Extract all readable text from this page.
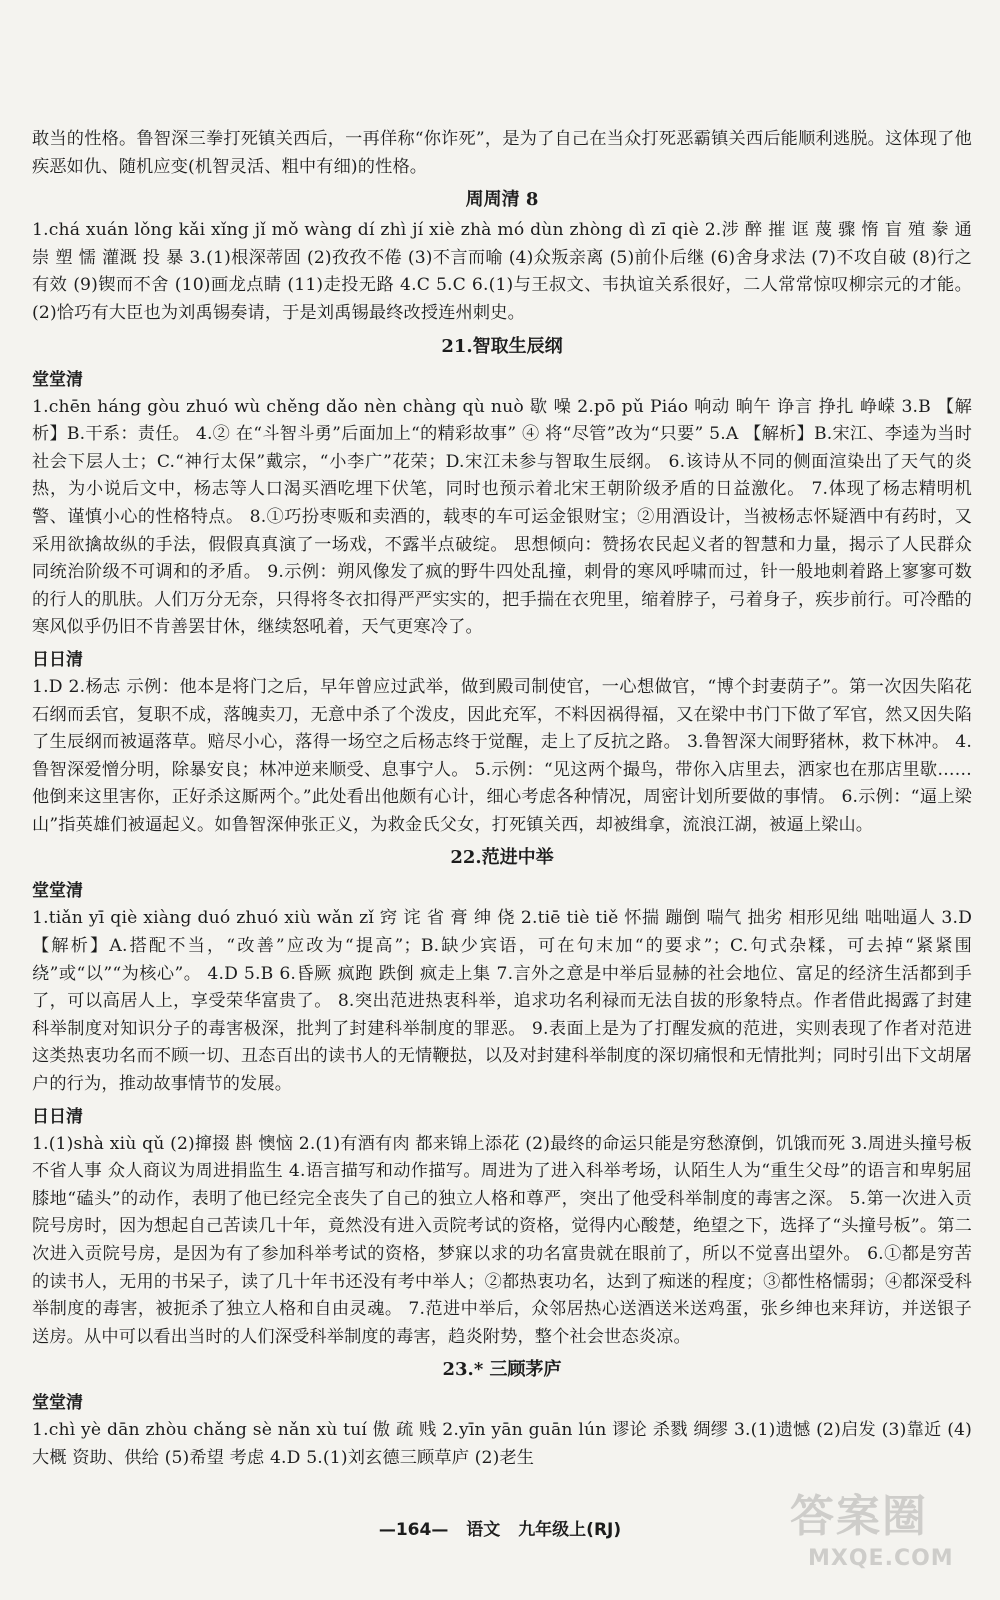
敢当的性格。鲁智深三拳打死镇关西后，一再佯称“你诈死”，是为了自己在当众打死恶霸镇关西后能顺利逃脱。这体现了他疾恶如仇、随机应变(机智灵活、粗中有细)的性格。

周周清 8

1.chá xuán lǒng kǎi xǐng jǐ mǒ wàng dí zhì jí xiè zhà mó dùn zhòng dì zī qiè 2.涉 醉 摧 诓 蔑 骤 惰 盲 殖 豢 通 崇 塑 懦 灌溉 投 暴 3.(1)根深蒂固 (2)孜孜不倦 (3)不言而喻 (4)众叛亲离 (5)前仆后继 (6)舍身求法 (7)不攻自破 (8)行之有效 (9)锲而不舍 (10)画龙点睛 (11)走投无路 4.C 5.C 6.(1)与王叔文、韦执谊关系很好，二人常常惊叹柳宗元的才能。 (2)恰巧有大臣也为刘禹锡奏请，于是刘禹锡最终改授连州刺史。

21.智取生辰纲
堂堂清

1.chēn háng gòu zhuó wù chěng dǎo nèn chàng qù nuò 歇 噪 2.pō pǔ Piáo 响动 晌午 诤言 挣扎 峥嵘 3.B 【解析】B.干系：责任。 4.② 在“斗智斗勇”后面加上“的精彩故事” ④ 将“尽管”改为“只要” 5.A 【解析】B.宋江、李逵为当时社会下层人士；C.“神行太保”戴宗，“小李广”花荣；D.宋江未参与智取生辰纲。 6.该诗从不同的侧面渲染出了天气的炎热，为小说后文中，杨志等人口渴买酒吃埋下伏笔，同时也预示着北宋王朝阶级矛盾的日益激化。 7.体现了杨志精明机警、谨慎小心的性格特点。 8.①巧扮枣贩和卖酒的，载枣的车可运金银财宝；②用酒设计，当被杨志怀疑酒中有药时，又采用欲擒故纵的手法，假假真真演了一场戏，不露半点破绽。 思想倾向：赞扬农民起义者的智慧和力量，揭示了人民群众同统治阶级不可调和的矛盾。 9.示例：朔风像发了疯的野牛四处乱撞，刺骨的寒风呼啸而过，针一般地刺着路上寥寥可数的行人的肌肤。人们万分无奈，只得将冬衣扣得严严实实的，把手揣在衣兜里，缩着脖子，弓着身子，疾步前行。可冷酷的寒风似乎仍旧不肯善罢甘休，继续怒吼着，天气更寒冷了。

日日清

1.D 2.杨志 示例：他本是将门之后，早年曾应过武举，做到殿司制使官，一心想做官，“博个封妻荫子”。第一次因失陷花石纲而丢官，复职不成，落魄卖刀，无意中杀了个泼皮，因此充军，不料因祸得福，又在梁中书门下做了军官，然又因失陷了生辰纲而被逼落草。赔尽小心，落得一场空之后杨志终于觉醒，走上了反抗之路。 3.鲁智深大闹野猪林，救下林冲。 4.鲁智深爱憎分明，除暴安良；林冲逆来顺受、息事宁人。 5.示例：“见这两个撮鸟，带你入店里去，洒家也在那店里歇……他倒来这里害你，正好杀这厮两个。”此处看出他颇有心计，细心考虑各种情况，周密计划所要做的事情。 6.示例：“逼上梁山”指英雄们被逼起义。如鲁智深伸张正义，为救金氏父女，打死镇关西，却被缉拿，流浪江湖，被逼上梁山。

22.范进中举
堂堂清

1.tiǎn yī qiè xiàng duó zhuó xiù wǎn zǐ 窍 诧 省 膏 绅 侥 2.tiē tiè tiě 怀揣 蹦倒 喘气 拙劣 相形见绌 咄咄逼人 3.D 【解析】A.搭配不当，“改善”应改为“提高”；B.缺少宾语，可在句末加“的要求”；C.句式杂糅，可去掉“紧紧围绕”或“以”“为核心”。 4.D 5.B 6.昏厥 疯跑 跌倒 疯走上集 7.言外之意是中举后显赫的社会地位、富足的经济生活都到手了，可以高居人上，享受荣华富贵了。 8.突出范进热衷科举，追求功名利禄而无法自拔的形象特点。作者借此揭露了封建科举制度对知识分子的毒害极深，批判了封建科举制度的罪恶。 9.表面上是为了打醒发疯的范进，实则表现了作者对范进这类热衷功名而不顾一切、丑态百出的读书人的无情鞭挞，以及对封建科举制度的深切痛恨和无情批判；同时引出下文胡屠户的行为，推动故事情节的发展。

日日清

1.(1)shà xiù qǔ (2)撺掇 斟 懊恼 2.(1)有酒有肉 都来锦上添花 (2)最终的命运只能是穷愁潦倒，饥饿而死 3.周进头撞号板不省人事 众人商议为周进捐监生 4.语言描写和动作描写。周进为了进入科举考场，认陌生人为“重生父母”的语言和卑躬屈膝地“磕头”的动作，表明了他已经完全丧失了自己的独立人格和尊严，突出了他受科举制度的毒害之深。 5.第一次进入贡院号房时，因为想起自己苦读几十年，竟然没有进入贡院考试的资格，觉得内心酸楚，绝望之下，选择了“头撞号板”。第二次进入贡院号房，是因为有了参加科举考试的资格，梦寐以求的功名富贵就在眼前了，所以不觉喜出望外。 6.①都是穷苦的读书人，无用的书呆子，读了几十年书还没有考中举人；②都热衷功名，达到了痴迷的程度；③都性格懦弱；④都深受科举制度的毒害，被扼杀了独立人格和自由灵魂。 7.范进中举后，众邻居热心送酒送米送鸡蛋，张乡绅也来拜访，并送银子送房。从中可以看出当时的人们深受科举制度的毒害，趋炎附势，整个社会世态炎凉。

23.* 三顾茅庐
堂堂清

1.chì yè dān zhòu chǎng sè nǎn xù tuí 傲 疏 贱 2.yīn yān guān lún 谬论 杀戮 绸缪 3.(1)遗憾 (2)启发 (3)靠近 (4)大概 资助、供给 (5)希望 考虑 4.D 5.(1)刘玄德三顾草庐 (2)老生

—164— 语文 九年级上(RJ)	答案圈
MXQE.COM
